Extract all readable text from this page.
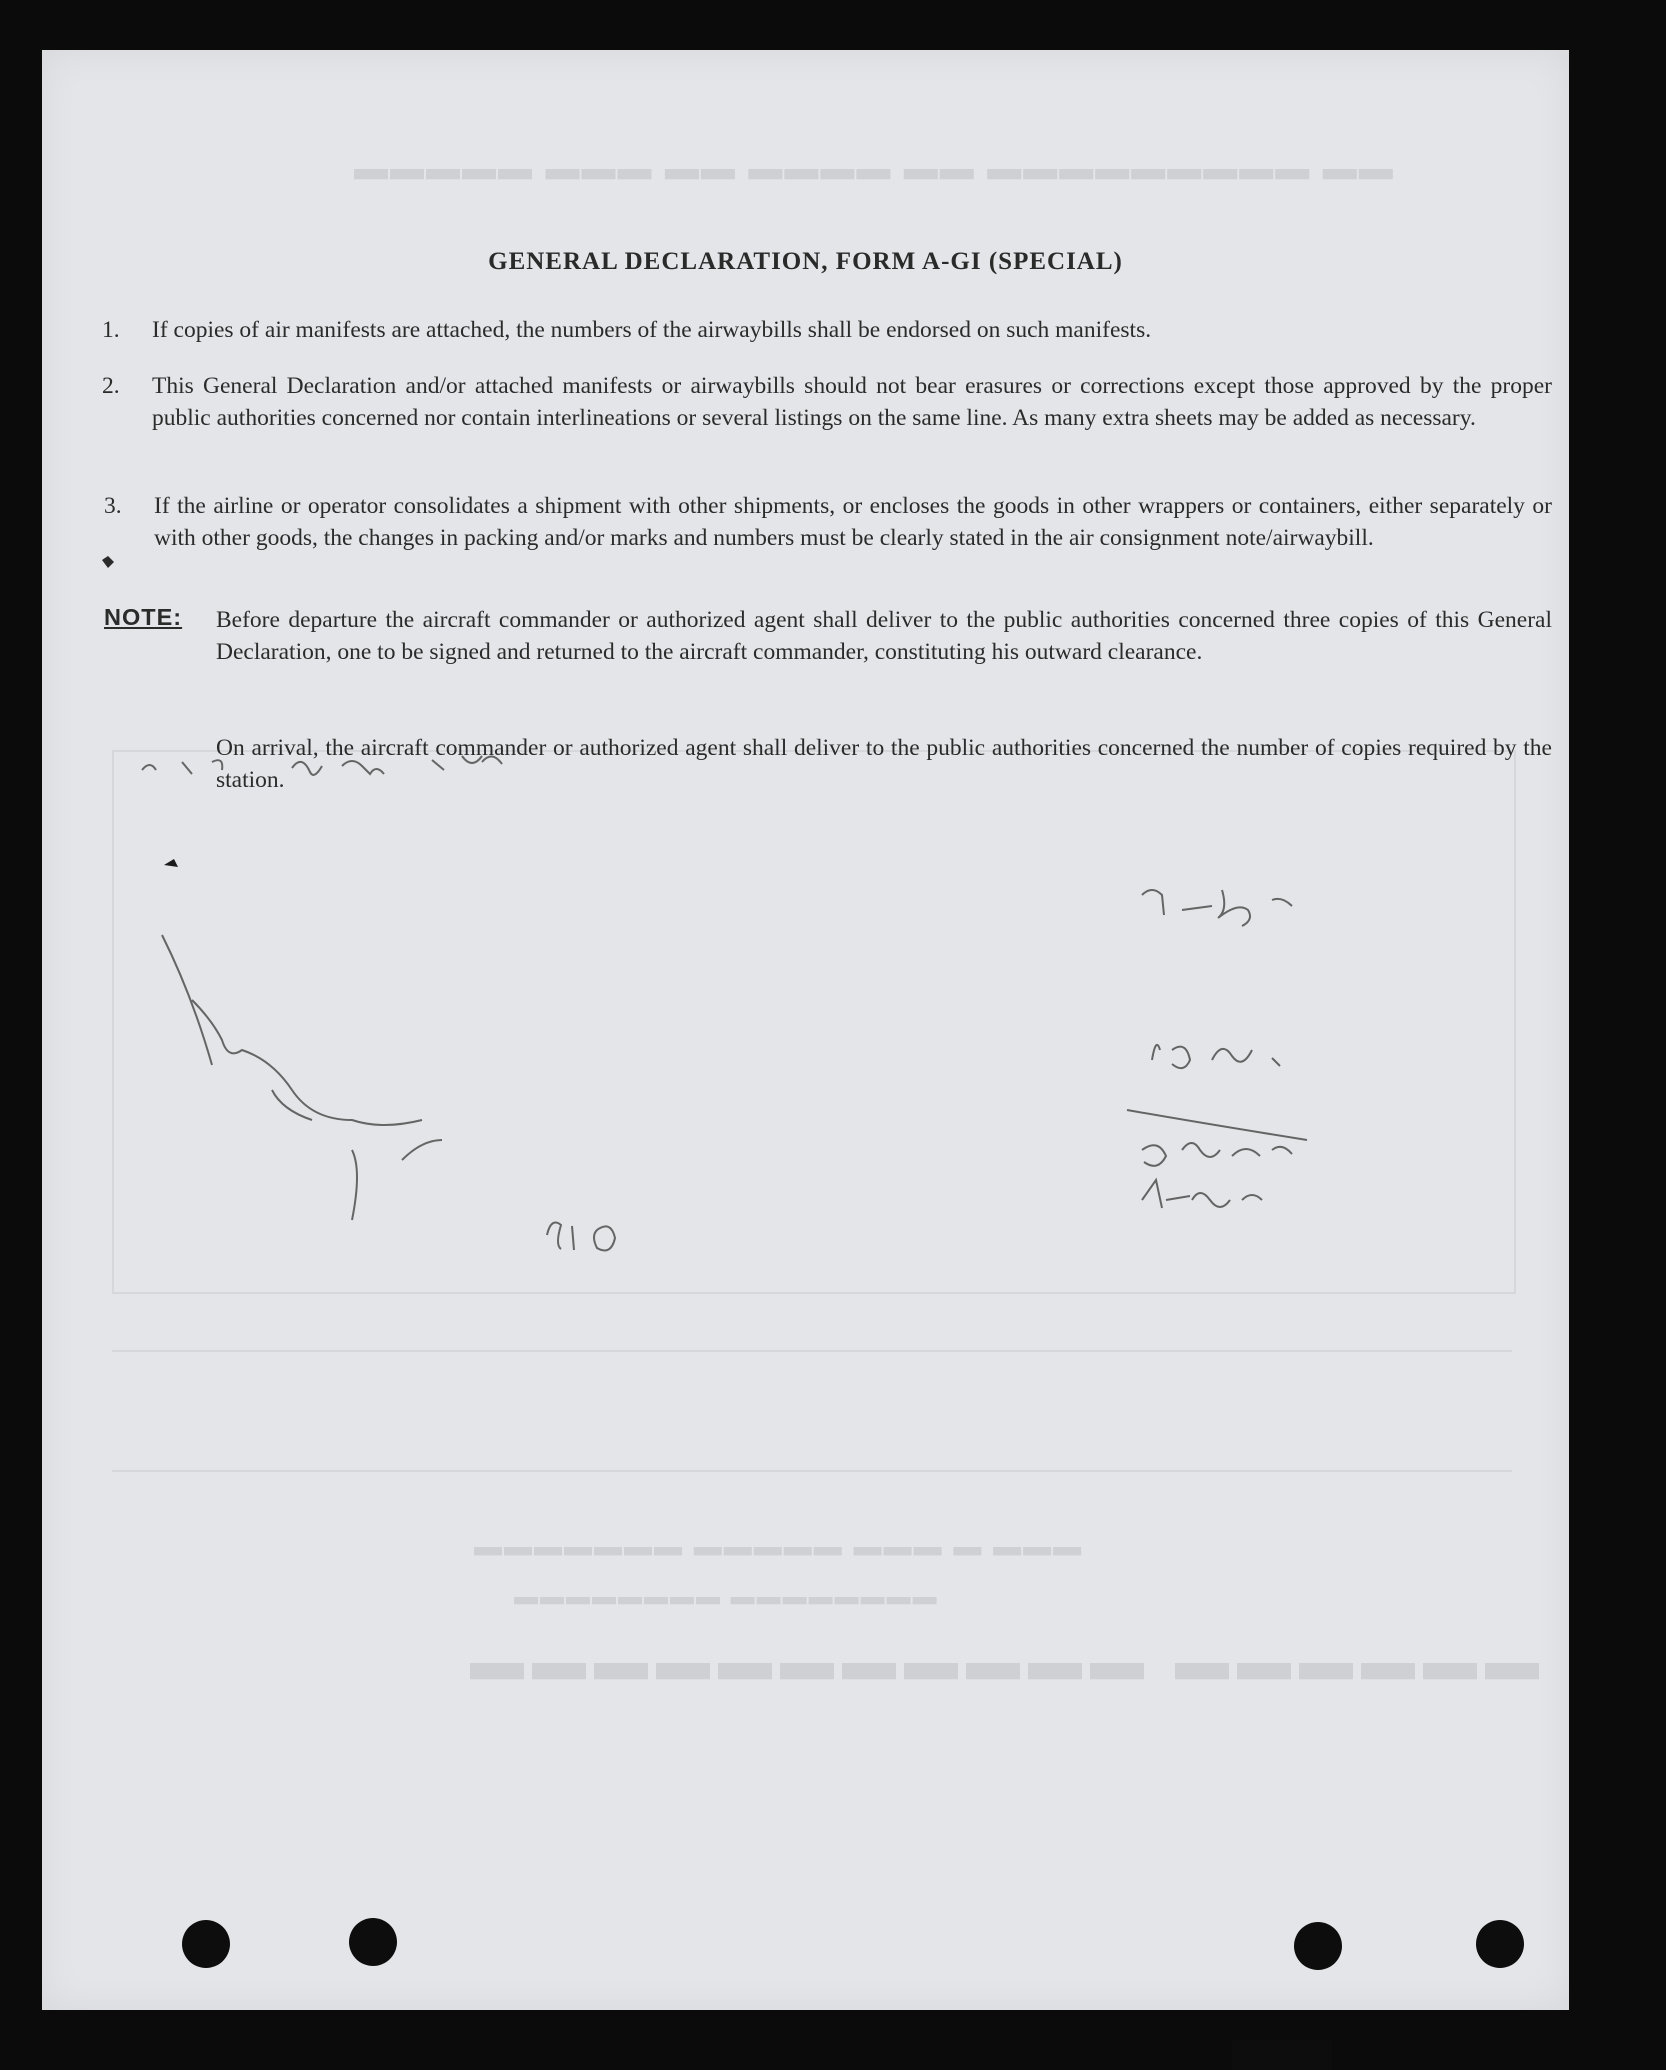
▬▬ ▬▬▬▬▬▬▬▬▬ ▬▬ ▬▬▬▬ ▬▬ ▬▬▬ ▬▬▬▬▬
▬▬▬ ▬ ▬▬▬ ▬▬▬▬▬ ▬▬▬▬▬▬▬
▬▬▬▬▬▬▬▬ ▬▬▬▬▬▬▬▬
▬▬▬▬▬▬ ▬▬▬▬▬▬▬▬▬▬▬
GENERAL DECLARATION, FORM A-GI (SPECIAL)
1. If copies of air manifests are attached, the numbers of the airwaybills shall be endorsed on such manifests.
2. This General Declaration and/or attached manifests or airwaybills should not bear erasures or corrections except those approved by the proper public authorities concerned nor contain interlineations or several listings on the same line. As many extra sheets may be added as necessary.
3. If the airline or operator consolidates a shipment with other shipments, or encloses the goods in other wrappers or containers, either separately or with other goods, the changes in packing and/or marks and numbers must be clearly stated in the air consignment note/airwaybill.
NOTE: Before departure the aircraft commander or authorized agent shall deliver to the public authorities concerned three copies of this General Declaration, one to be signed and returned to the aircraft commander, constituting his outward clearance.
On arrival, the aircraft commander or authorized agent shall deliver to the public authorities concerned the number of copies required by the station.
